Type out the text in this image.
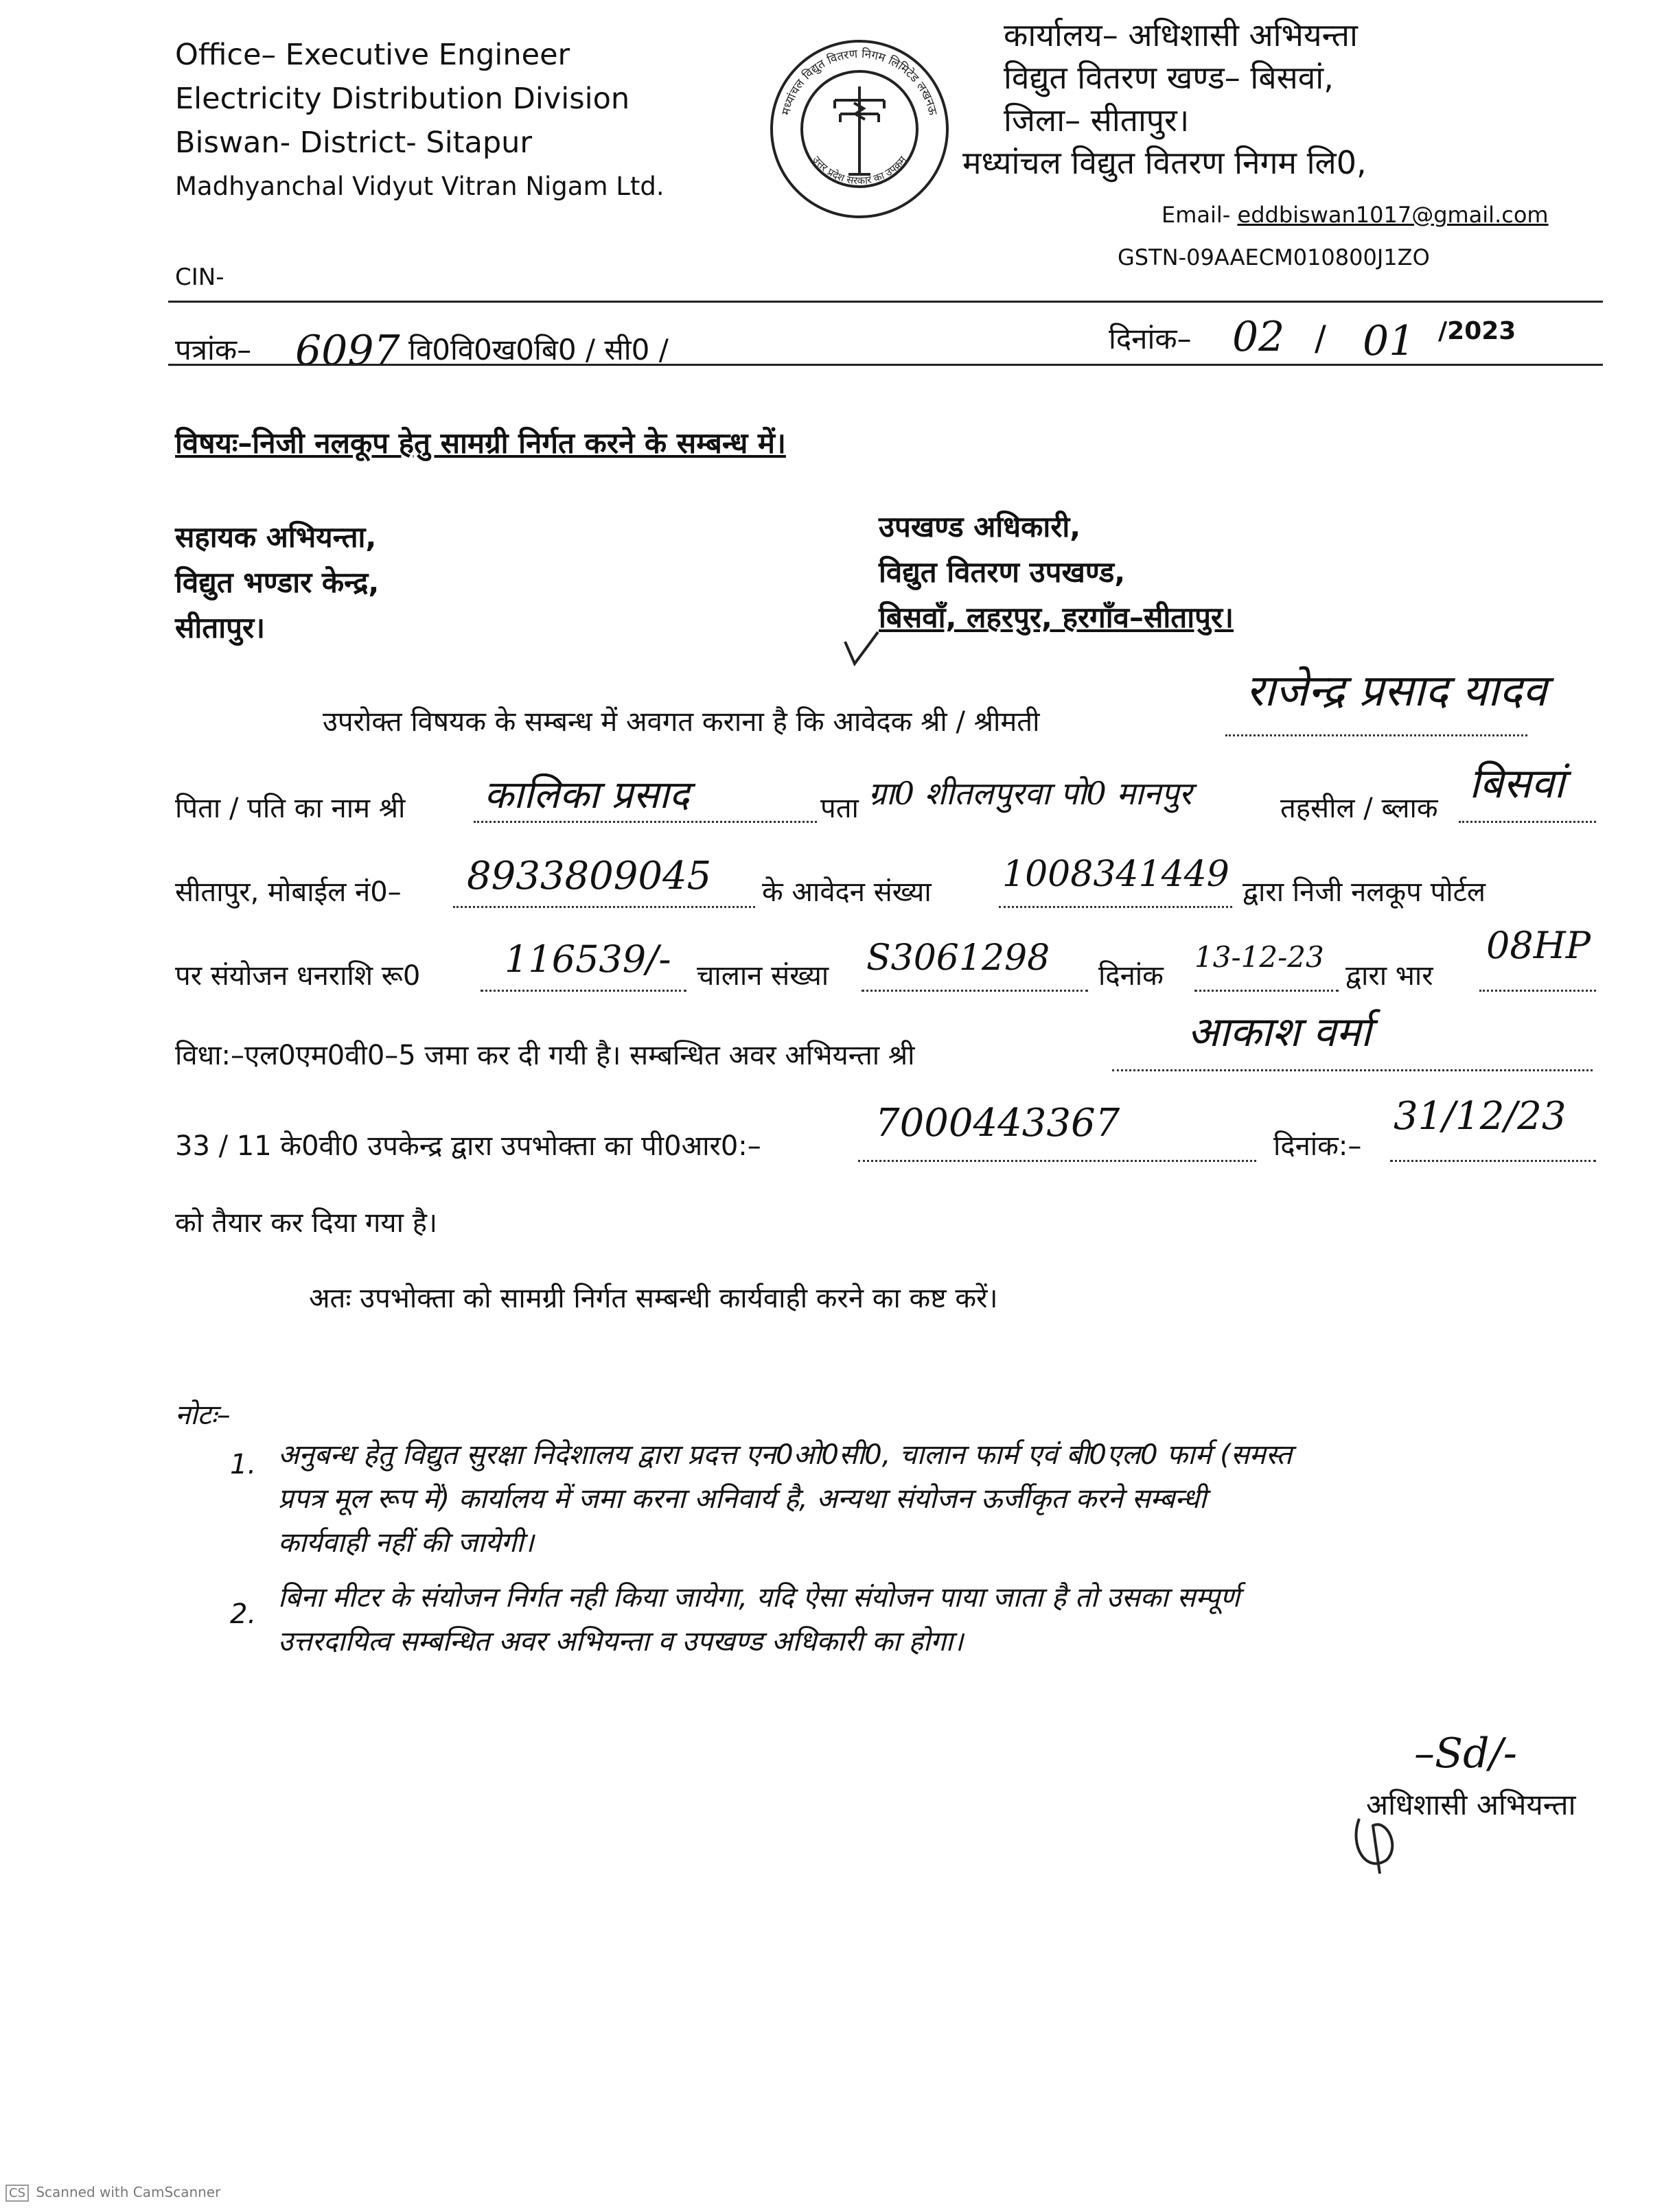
Office– Executive Engineer
Electricity Distribution Division
Biswan- District- Sitapur
Madhyanchal Vidyut Vitran Nigam Ltd.
मध्यांचल विद्युत वितरण निगम लिमिटेड लखनऊ
उत्तर प्रदेश सरकार का उपक्रम
कार्यालय– अधिशासी अभियन्ता
विद्युत वितरण खण्ड– बिसवां,
जिला– सीतापुर।
मध्यांचल विद्युत वितरण निगम लि0,
Email- eddbiswan1017@gmail.com
GSTN-09AAECM010800J1ZO
CIN-
पत्रांक– 6097 वि0वि0ख0बि0 / सी0 /	दिनांक– 02 / 01 /2023
विषयः–निजी नलकूप हेतु सामग्री निर्गत करने के सम्बन्ध में।
सहायक अभियन्ता,
विद्युत भण्डार केन्द्र,
सीतापुर।
उपखण्ड अधिकारी,
विद्युत वितरण उपखण्ड,
बिसवाँ, लहरपुर, हरगाँव–सीतापुर।
उपरोक्त विषयक के सम्बन्ध में अवगत कराना है कि आवेदक श्री / श्रीमती
राजेन्द्र प्रसाद यादव
पिता / पति का नाम श्री कालिका प्रसाद	पता ग्रा0 शीतलपुरवा पो0 मानपुर	तहसील / ब्लाक
बिसवां
सीतापुर, मोबाईल नं0– 8933809045 के आवेदन संख्या 1008341449 द्वारा निजी नलकूप पोर्टल
पर संयोजन धनराशि रू0 116539/- चालान संख्या S3061298 दिनांक
13-12-23
द्वारा भार
08HP
विधा:–एल0एम0वी0–5 जमा कर दी गयी है। सम्बन्धित अवर अभियन्ता श्री	आकाश वर्मा
33 / 11 के0वी0 उपकेन्द्र द्वारा उपभोक्ता का पी0आर0:–
7000443367
दिनांक:–
31/12/23
को तैयार कर दिया गया है।
अतः उपभोक्ता को सामग्री निर्गत सम्बन्धी कार्यवाही करने का कष्ट करें।
नोटः–
1. अनुबन्ध हेतु विद्युत सुरक्षा निदेशालय द्वारा प्रदत्त एन0ओ0सी0, चालान फार्म एवं बी0एल0 फार्म (समस्त
प्रपत्र मूल रूप में) कार्यालय में जमा करना अनिवार्य है, अन्यथा संयोजन ऊर्जीकृत करने सम्बन्धी
कार्यवाही नहीं की जायेगी।
2.
बिना मीटर के संयोजन निर्गत नही किया जायेगा, यदि ऐसा संयोजन पाया जाता है तो उसका सम्पूर्ण
उत्तरदायित्व सम्बन्धित अवर अभियन्ता व उपखण्ड अधिकारी का होगा।
–Sd/-
अधिशासी अभियन्ता
CS Scanned with CamScanner
